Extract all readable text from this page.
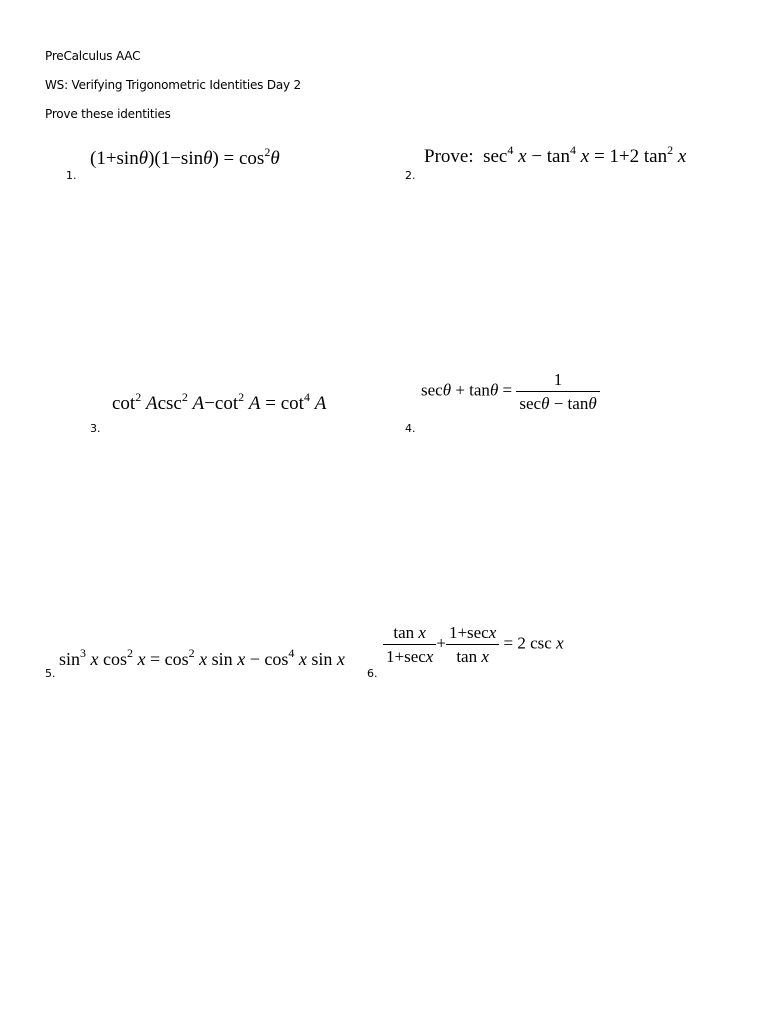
PreCalculus AAC
WS: Verifying Trigonometric Identities Day 2
Prove these identities
1.
$(1+\sin\theta)(1-\sin\theta) = \cos^2\theta$
2.
Prove:  $\sec^4 x - \tan^4 x = 1+2$ $\tan^2 x$
3.
$\cot^2 Acsc^2$ $A-\cot^2$ $A = \cot^4 A$
4.
$\sec\theta + \tan\theta = \frac{1}{\sec\theta - \tan\theta}$
5.
$\sin^3 x$ $\cos^2 x = \cos^2 x$ $\sin x - \cos^4 x$ sin x
6.
$\frac{\text{tan x}}{1+\sec x} + \frac{1+\sec x}{\text{tan x}} = 2$ csc x
